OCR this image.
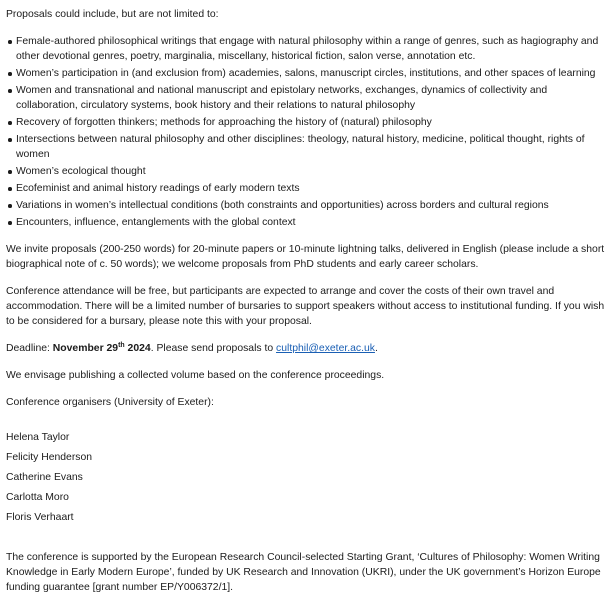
Proposals could include, but are not limited to:

Female-authored philosophical writings that engage with natural philosophy within a range of genres, such as hagiography and other devotional genres, poetry, marginalia, miscellany, historical fiction, salon verse, annotation etc.
Women’s participation in (and exclusion from) academies, salons, manuscript circles, institutions, and other spaces of learning
Women and transnational and national manuscript and epistolary networks, exchanges, dynamics of collectivity and collaboration, circulatory systems, book history and their relations to natural philosophy
Recovery of forgotten thinkers; methods for approaching the history of (natural) philosophy
Intersections between natural philosophy and other disciplines: theology, natural history, medicine, political thought, rights of women
Women’s ecological thought
Ecofeminist and animal history readings of early modern texts
Variations in women’s intellectual conditions (both constraints and opportunities) across borders and cultural regions
Encounters, influence, entanglements with the global context

We invite proposals (200-250 words) for 20-minute papers or 10-minute lightning talks, delivered in English (please include a short biographical note of c. 50 words); we welcome proposals from PhD students and early career scholars.

Conference attendance will be free, but participants are expected to arrange and cover the costs of their own travel and accommodation. There will be a limited number of bursaries to support speakers without access to institutional funding. If you wish to be considered for a bursary, please note this with your proposal.

Deadline: November 29th 2024. Please send proposals to cultphil@exeter.ac.uk.

We envisage publishing a collected volume based on the conference proceedings.

Conference organisers (University of Exeter):

Helena Taylor
Felicity Henderson
Catherine Evans
Carlotta Moro
Floris Verhaart

The conference is supported by the European Research Council-selected Starting Grant, ‘Cultures of Philosophy: Women Writing Knowledge in Early Modern Europe’, funded by UK Research and Innovation (UKRI), under the UK government’s Horizon Europe funding guarantee [grant number EP/Y006372/1].
